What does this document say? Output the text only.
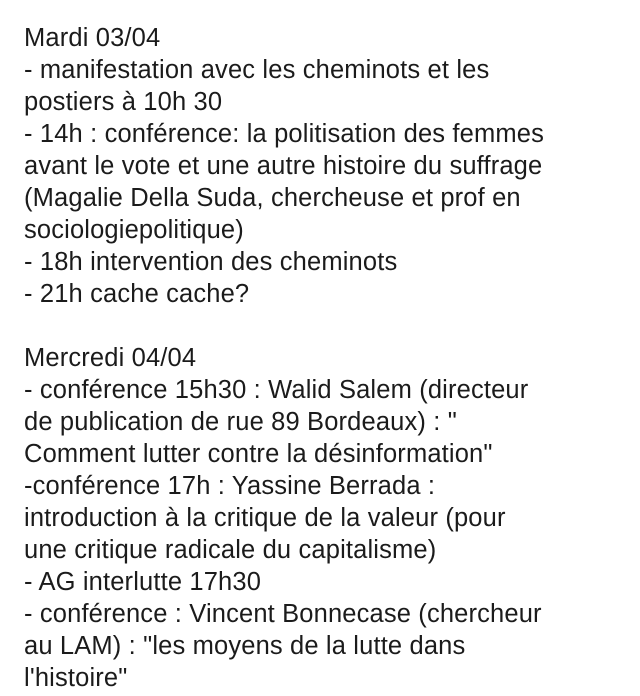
Mardi 03/04
- manifestation avec les cheminots et les
postiers à 10h 30
- 14h : conférence: la politisation des femmes
avant le vote et une autre histoire du suffrage
(Magalie Della Suda, chercheuse et prof en
sociologiepolitique)
- 18h intervention des cheminots
- 21h cache cache?
Mercredi 04/04
- conférence 15h30 : Walid Salem (directeur
de publication de rue 89 Bordeaux) : "
Comment lutter contre la désinformation"
-conférence 17h : Yassine Berrada :
introduction à la critique de la valeur (pour
une critique radicale du capitalisme)
- AG interlutte 17h30
- conférence : Vincent Bonnecase (chercheur
au LAM) : "les moyens de la lutte dans
l'histoire"
